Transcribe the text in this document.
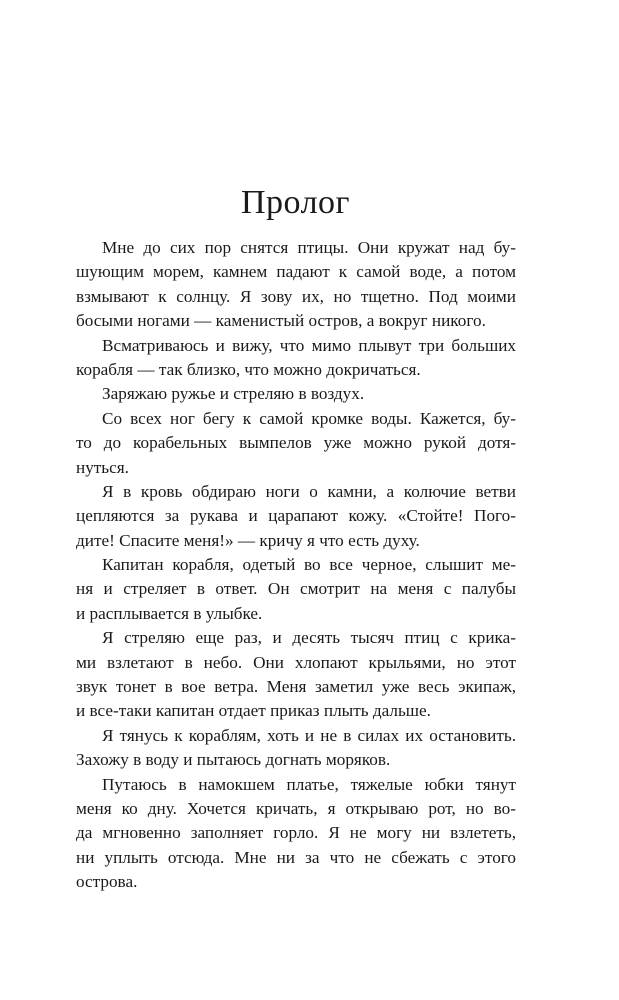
Пролог
Мне до сих пор снятся птицы. Они кружат над бу-
шующим морем, камнем падают к самой воде, а потом
взмывают к солнцу. Я зову их, но тщетно. Под моими
босыми ногами — каменистый остров, а вокруг никого.
Всматриваюсь и вижу, что мимо плывут три больших
корабля — так близко, что можно докричаться.
Заряжаю ружье и стреляю в воздух.
Со всех ног бегу к самой кромке воды. Кажется, бу-
то до корабельных вымпелов уже можно рукой дотя-
нуться.
Я в кровь обдираю ноги о камни, а колючие ветви
цепляются за рукава и царапают кожу. «Стойте! Пого-
дите! Спасите меня!» — кричу я что есть духу.
Капитан корабля, одетый во все черное, слышит ме-
ня и стреляет в ответ. Он смотрит на меня с палубы
и расплывается в улыбке.
Я стреляю еще раз, и десять тысяч птиц с крика-
ми взлетают в небо. Они хлопают крыльями, но этот
звук тонет в вое ветра. Меня заметил уже весь экипаж,
и все-таки капитан отдает приказ плыть дальше.
Я тянусь к кораблям, хоть и не в силах их остановить.
Захожу в воду и пытаюсь догнать моряков.
Путаюсь в намокшем платье, тяжелые юбки тянут
меня ко дну. Хочется кричать, я открываю рот, но во-
да мгновенно заполняет горло. Я не могу ни взлететь,
ни уплыть отсюда. Мне ни за что не сбежать с этого
острова.
